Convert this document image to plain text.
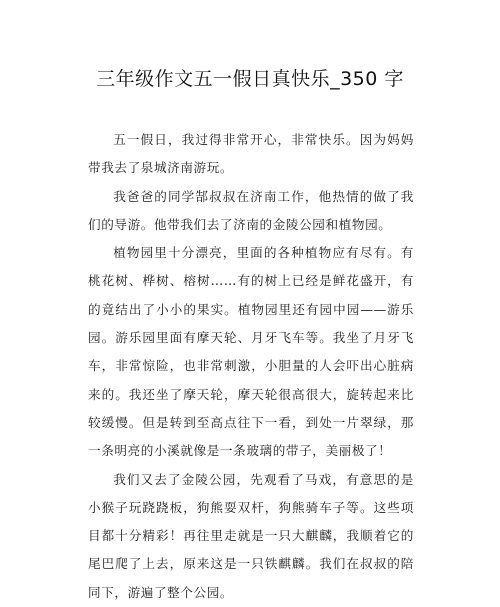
三年级作文五一假日真快乐_350 字

五一假日，我过得非常开心，非常快乐。因为妈妈带我去了泉城济南游玩。

我爸爸的同学郜叔叔在济南工作，他热情的做了我们的导游。他带我们去了济南的金陵公园和植物园。

植物园里十分漂亮，里面的各种植物应有尽有。有桃花树、桦树、榕树……有的树上已经是鲜花盛开，有的竟结出了小小的果实。植物园里还有园中园——游乐园。游乐园里面有摩天轮、月牙飞车等。我坐了月牙飞车，非常惊险，也非常刺激，小胆量的人会吓出心脏病来的。我还坐了摩天轮，摩天轮很高很大，旋转起来比较缓慢。但是转到至高点往下一看，到处一片翠绿，那一条明亮的小溪就像是一条玻璃的带子，美丽极了！

我们又去了金陵公园，先观看了马戏，有意思的是小猴子玩跷跷板，狗熊耍双杆，狗熊骑车子等。这些项目都十分精彩！再往里走就是一只大麒麟，我顺着它的尾巴爬了上去，原来这是一只铁麒麟。我们在叔叔的陪同下，游遍了整个公园。
